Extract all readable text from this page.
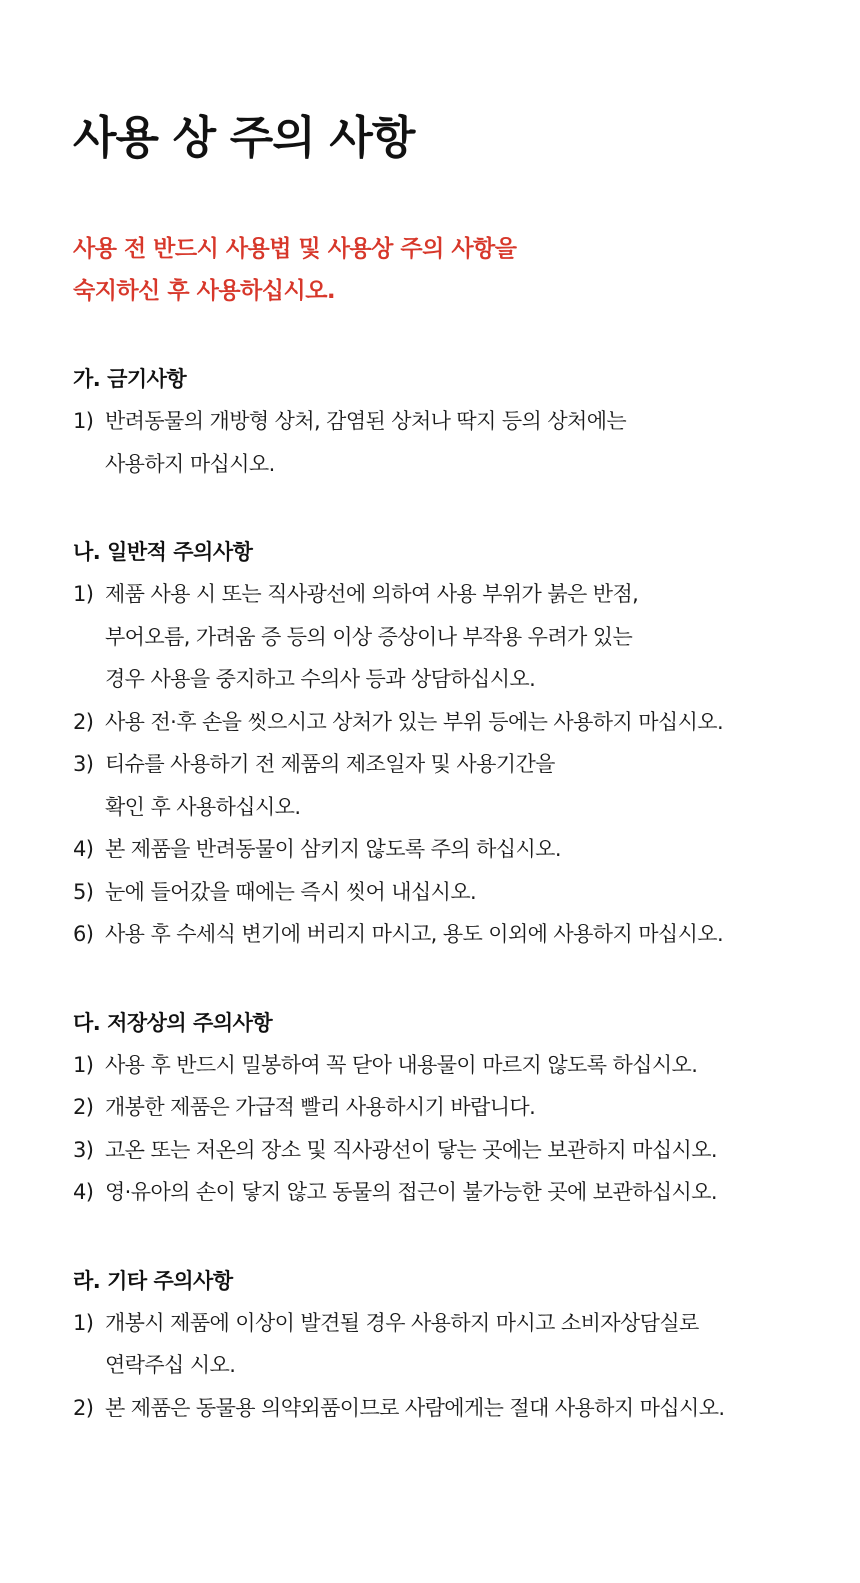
사용 상 주의 사항
사용 전 반드시 사용법 및 사용상 주의 사항을
숙지하신 후 사용하십시오.
가. 금기사항
1) 반려동물의 개방형 상처, 감염된 상처나 딱지 등의 상처에는
사용하지 마십시오.
나. 일반적 주의사항
1) 제품 사용 시 또는 직사광선에 의하여 사용 부위가 붉은 반점,
부어오름, 가려움 증 등의 이상 증상이나 부작용 우려가 있는
경우 사용을 중지하고 수의사 등과 상담하십시오.
2) 사용 전·후 손을 씻으시고 상처가 있는 부위 등에는 사용하지 마십시오.
3) 티슈를 사용하기 전 제품의 제조일자 및 사용기간을
확인 후 사용하십시오.
4) 본 제품을 반려동물이 삼키지 않도록 주의 하십시오.
5) 눈에 들어갔을 때에는 즉시 씻어 내십시오.
6) 사용 후 수세식 변기에 버리지 마시고, 용도 이외에 사용하지 마십시오.
다. 저장상의 주의사항
1) 사용 후 반드시 밀봉하여 꼭 닫아 내용물이 마르지 않도록 하십시오.
2) 개봉한 제품은 가급적 빨리 사용하시기 바랍니다.
3) 고온 또는 저온의 장소 및 직사광선이 닿는 곳에는 보관하지 마십시오.
4) 영·유아의 손이 닿지 않고 동물의 접근이 불가능한 곳에 보관하십시오.
라. 기타 주의사항
1) 개봉시 제품에 이상이 발견될 경우 사용하지 마시고 소비자상담실로
연락주십 시오.
2) 본 제품은 동물용 의약외품이므로 사람에게는 절대 사용하지 마십시오.
